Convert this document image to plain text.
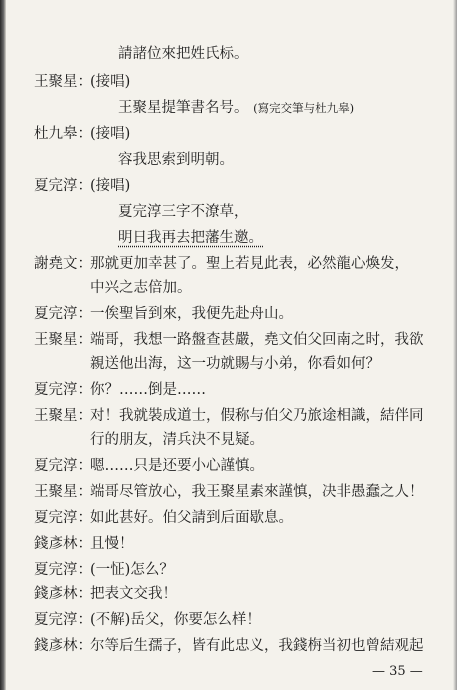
請諸位來把姓氏标。
王聚星：
(接唱)
王聚星提筆書名号。 (寫完交筆与杜九皋)
杜九皋：
(接唱)
容我思索到明朝。
夏完淳：
(接唱)
夏完淳三字不潦草，
明日我再去把藩生邀。
謝堯文：
那就更加幸甚了。聖上若見此表，必然龍心煥发，
中兴之志倍加。
夏完淳：
一俟聖旨到來，我便先赴舟山。
王聚星：
端哥，我想一路盤查甚嚴，堯文伯父回南之时，我欲
親送他出海，这一功就賜与小弟，你看如何？
夏完淳：
你？……倒是……
王聚星：
对！我就裝成道士，假称与伯父乃旅途相識，結伴同
行的朋友，清兵決不見疑。
夏完淳：
嗯……只是还要小心謹慎。
王聚星：
端哥尽管放心，我王聚星素來謹慎，决非愚蠢之人！
夏完淳：
如此甚好。伯父請到后面歇息。
錢彥林：
且慢！
夏完淳：
(一怔)怎么？
錢彥林：
把表文交我！
夏完淳：
(不解)岳父，你要怎么样！
錢彥林：
尔等后生孺子，皆有此忠义，我錢栴当初也曾結观起
— 35 —
